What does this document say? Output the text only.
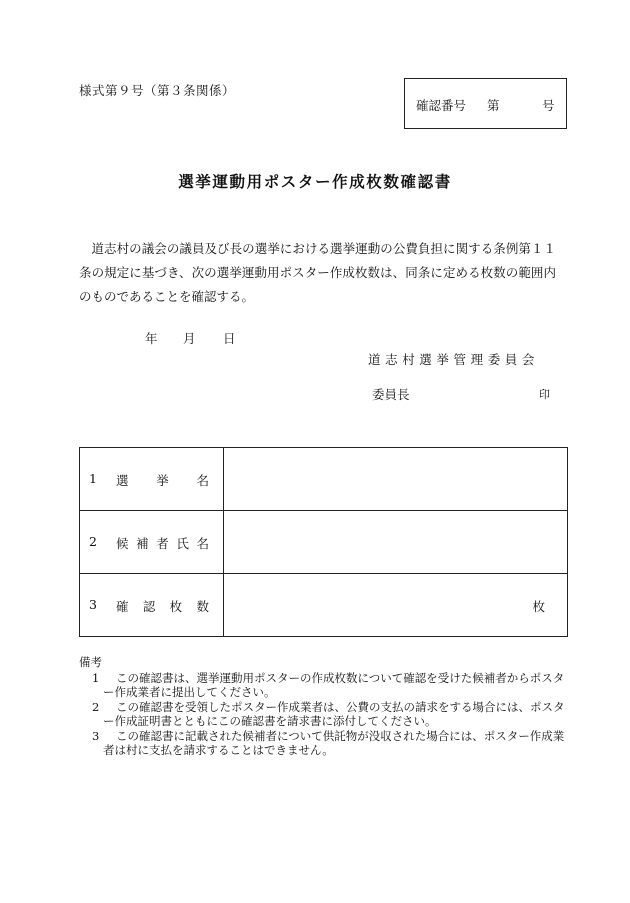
様式第９号（第３条関係）
確認番号 第	号
選挙運動用ポスター作成枚数確認書
道志村の議会の議員及び長の選挙における選挙運動の公費負担に関する条例第１１条の規定に基づき、次の選挙運動用ポスター作成枚数は、同条に定める枚数の範囲内のものであることを確認する。
年 月 日
道志村選挙管理委員会
委員長	印
1 選挙名	

2 候補者氏名	

3 確認枚数	枚
備考
1 この確認書は、選挙運動用ポスターの作成枚数について確認を受けた候補者からポスター作成業者に提出してください。
2 この確認書を受領したポスター作成業者は、公費の支払の請求をする場合には、ポスター作成証明書とともにこの確認書を請求書に添付してください。
3 この確認書に記載された候補者について供託物が没収された場合には、ポスター作成業者は村に支払を請求することはできません。
